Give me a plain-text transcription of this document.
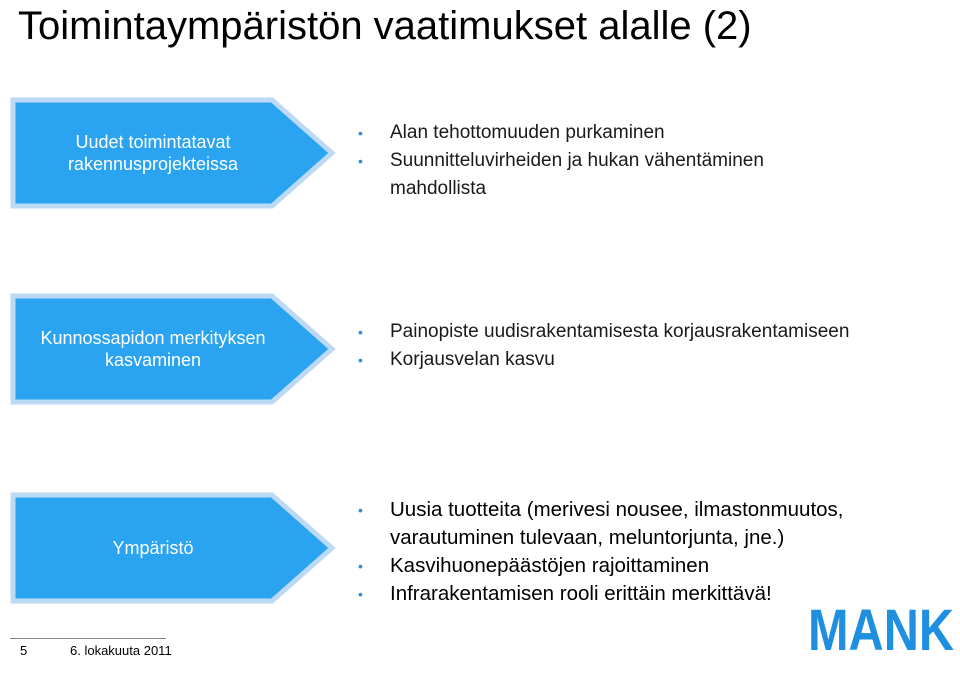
Toimintaympäristön vaatimukset alalle (2)
Uudet toimintatavat rakennusprojekteissa
• Alan tehottomuuden purkaminen
• Suunnitteluvirheiden ja hukan vähentäminen mahdollista
Kunnossapidon merkityksen kasvaminen
• Painopiste uudisrakentamisesta korjausrakentamiseen
• Korjausvelan kasvu
Ympäristö
• Uusia tuotteita (merivesi nousee, ilmastonmuutos, varautuminen tulevaan, meluntorjunta, jne.)
• Kasvihuonepäästöjen rajoittaminen
• Infrarakentamisen rooli erittäin merkittävä!
5	6. lokakuuta 2011	MANK
